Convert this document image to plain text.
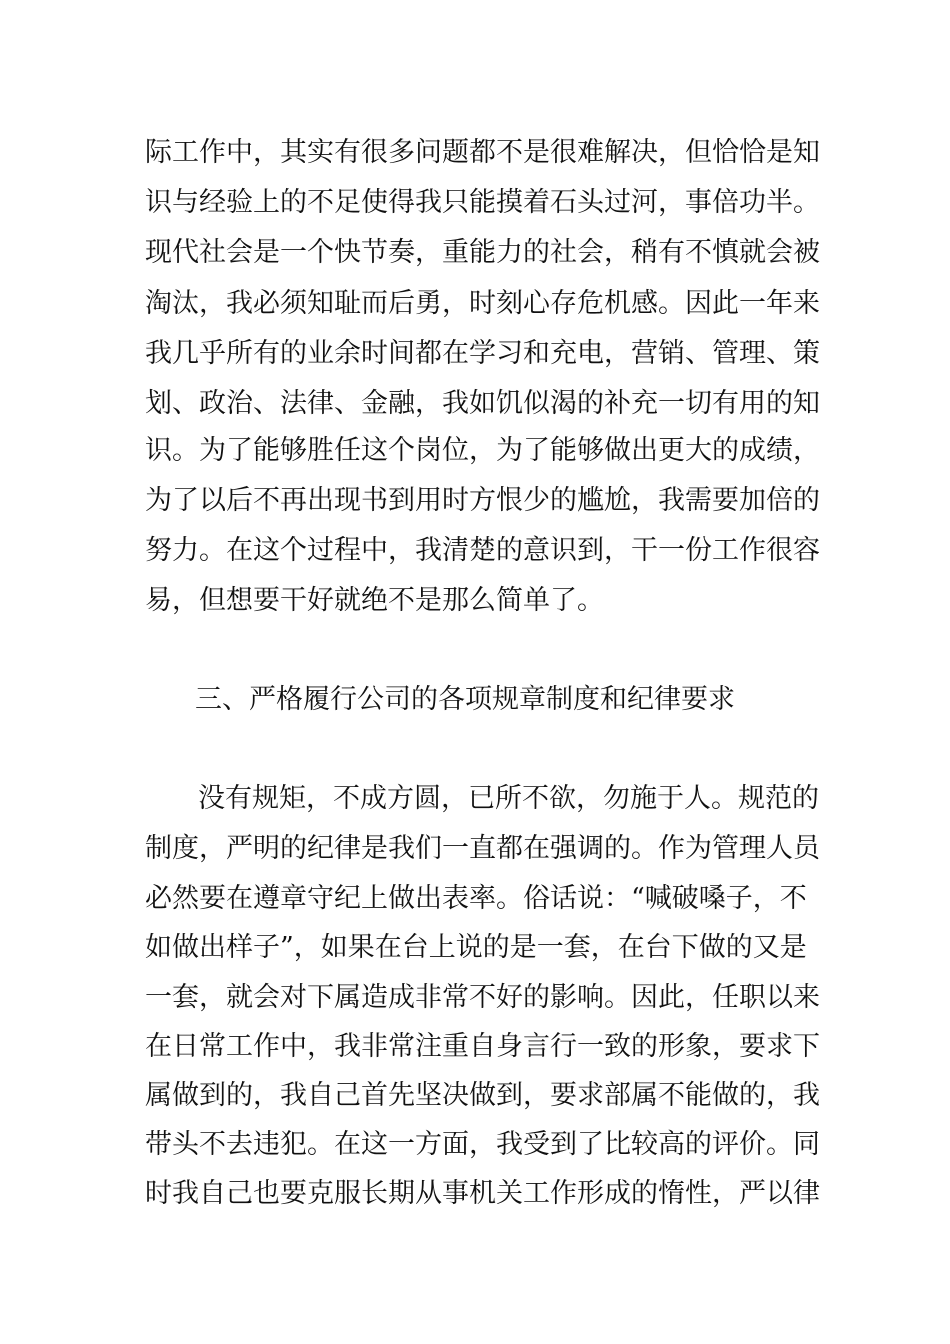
际工作中，其实有很多问题都不是很难解决，但恰恰是知
识与经验上的不足使得我只能摸着石头过河，事倍功半。
现代社会是一个快节奏，重能力的社会，稍有不慎就会被
淘汰，我必须知耻而后勇，时刻心存危机感。因此一年来
我几乎所有的业余时间都在学习和充电，营销、管理、策
划、政治、法律、金融，我如饥似渴的补充一切有用的知
识。为了能够胜任这个岗位，为了能够做出更大的成绩，
为了以后不再出现书到用时方恨少的尴尬，我需要加倍的
努力。在这个过程中，我清楚的意识到，干一份工作很容
易，但想要干好就绝不是那么简单了。
三、严格履行公司的各项规章制度和纪律要求
没有规矩，不成方圆，已所不欲，勿施于人。规范的
制度，严明的纪律是我们一直都在强调的。作为管理人员
必然要在遵章守纪上做出表率。俗话说：“喊破嗓子，不
如做出样子”，如果在台上说的是一套，在台下做的又是
一套，就会对下属造成非常不好的影响。因此，任职以来
在日常工作中，我非常注重自身言行一致的形象，要求下
属做到的，我自己首先坚决做到，要求部属不能做的，我
带头不去违犯。在这一方面，我受到了比较高的评价。同
时我自己也要克服长期从事机关工作形成的惰性，严以律
